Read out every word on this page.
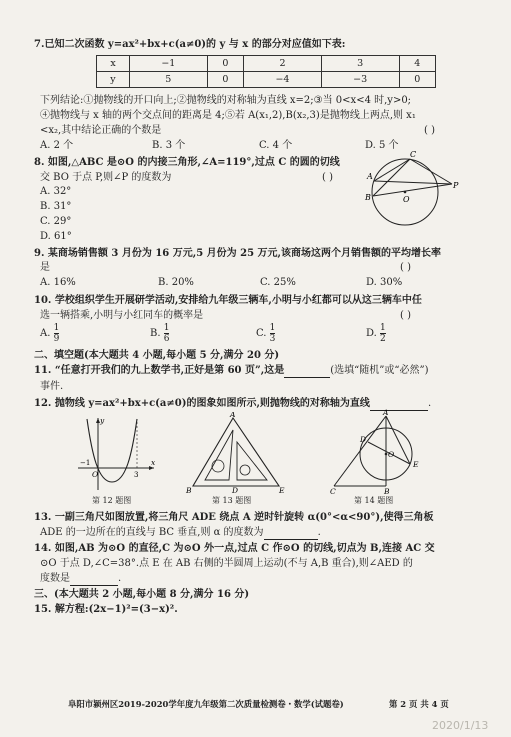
7.已知二次函数 y=ax²+bx+c(a≠0)的 y 与 x 的部分对应值如下表:
x	−1	0	2	3	4
y	5	0	−4	−3	0
下列结论:①抛物线的开口向上;②抛物线的对称轴为直线 x=2;③当 0<x<4 时,y>0;
④抛物线与 x 轴的两个交点间的距离是 4;⑤若 A(x₁,2),B(x₂,3)是抛物线上两点,则 x₁
<x₂,其中结论正确的个数是	( )
A. 2 个	B. 3 个	C. 4 个	D. 5 个
8. 如图,△ABC 是⊙O 的内接三角形,∠A=119°,过点 C 的圆的切线
交 BO 于点 P,则∠P 的度数为	( )
A. 32°
B. 31°
C. 29°
D. 61°
A
B
C
O
P
9. 某商场销售额 3 月份为 16 万元,5 月份为 25 万元,该商场这两个月销售额的平均增长率
是	( )
A. 16%	B. 20%	C. 25%	D. 30%
10. 学校组织学生开展研学活动,安排给九年级三辆车,小明与小红都可以从这三辆车中任
选一辆搭乘,小明与小红同车的概率是	( )
A. $\frac{1}{9}$	B. $\frac{1}{6}$	C. $\frac{1}{3}$	D. $\frac{1}{2}$
二、填空题(本大题共 4 小题,每小题 5 分,满分 20 分)
11. “任意打开我们的九上数学书,正好是第 60 页”,这是	(选填“随机”或“必然”)
事件.
12. 抛物线 y=ax²+bx+c(a≠0)的图象如图所示,则抛物线的对称轴为直线	.
y
x
O
−1
3
第 12 题图
A
B	D	E
第 13 题图
A
B
C
D
E
O
第 14 题图
13. 一副三角尺如图放置,将三角尺 ADE 绕点 A 逆时针旋转 α(0°<α<90°),使得三角板
ADE 的一边所在的直线与 BC 垂直,则 α 的度数为	.
14. 如图,AB 为⊙O 的直径,C 为⊙O 外一点,过点 C 作⊙O 的切线,切点为 B,连接 AC 交
⊙O 于点 D,∠C=38°.点 E 在 AB 右侧的半圆周上运动(不与 A,B 重合),则∠AED 的
度数是	.
三、(本大题共 2 小题,每小题 8 分,满分 16 分)
15. 解方程:(2x−1)²=(3−x)².
阜阳市颍州区2019-2020学年度九年级第二次质量检测卷・数学(试题卷)	第 2 页 共 4 页
2020/1/13
